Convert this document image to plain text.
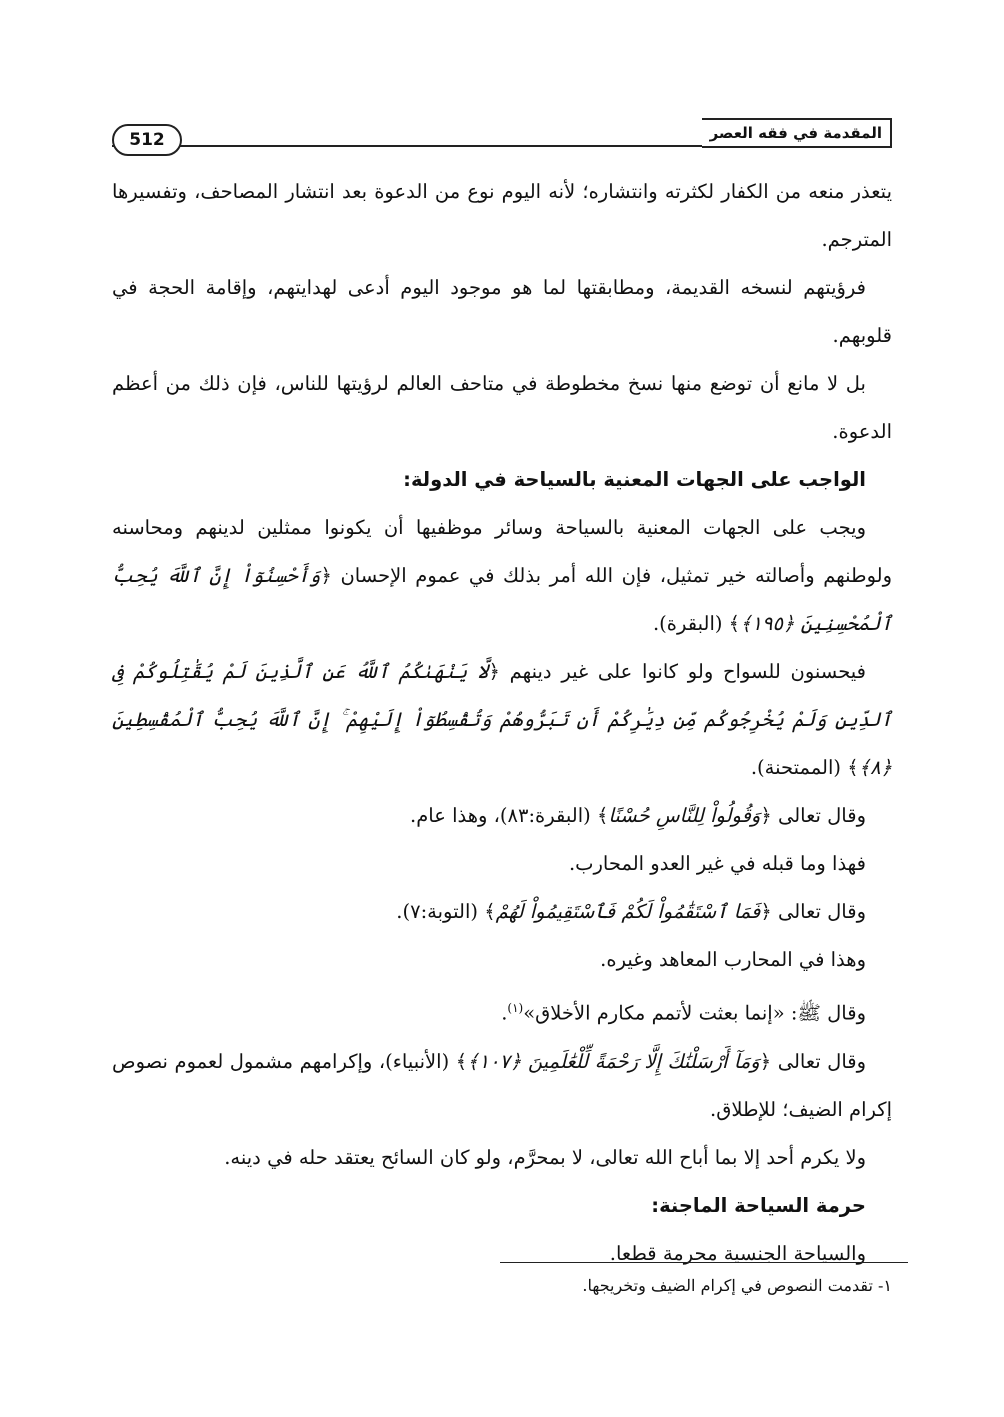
المقدمة في فقه العصر
512

يتعذر منعه من الكفار لكثرته وانتشاره؛ لأنه اليوم نوع من الدعوة بعد انتشار المصاحف، وتفسيرها المترجم.

فرؤيتهم لنسخه القديمة، ومطابقتها لما هو موجود اليوم أدعى لهدايتهم، وإقامة الحجة في قلوبهم.

بل لا مانع أن توضع منها نسخ مخطوطة في متاحف العالم لرؤيتها للناس، فإن ذلك من أعظم الدعوة.

الواجب على الجهات المعنية بالسياحة في الدولة:

ويجب على الجهات المعنية بالسياحة وسائر موظفيها أن يكونوا ممثلين لدينهم ومحاسنه ولوطنهم وأصالته خير تمثيل، فإن الله أمر بذلك في عموم الإحسان ﴿وَأَحْسِنُوٓاْ إِنَّ ٱللَّهَ يُحِبُّ ٱلْمُحْسِنِينَ ﴿١٩٥﴾﴾ (البقرة).

فيحسنون للسواح ولو كانوا على غير دينهم ﴿لَّا يَنْهَىٰكُمُ ٱللَّهُ عَنِ ٱلَّذِينَ لَمْ يُقَٰتِلُوكُمْ فِى ٱلدِّينِ وَلَمْ يُخْرِجُوكُم مِّن دِيَٰرِكُمْ أَن تَبَرُّوهُمْ وَتُقْسِطُوٓاْ إِلَيْهِمْ ۚ إِنَّ ٱللَّهَ يُحِبُّ ٱلْمُقْسِطِينَ ﴿٨﴾﴾ (الممتحنة).

وقال تعالى ﴿وَقُولُواْ لِلنَّاسِ حُسْنًا﴾ (البقرة:٨٣)، وهذا عام.

فهذا وما قبله في غير العدو المحارب.

وقال تعالى ﴿فَمَا ٱسْتَقَٰمُواْ لَكُمْ فَٱسْتَقِيمُواْ لَهُمْ﴾ (التوبة:٧).

وهذا في المحارب المعاهد وغيره.

وقال ﷺ: «إنما بعثت لأتمم مكارم الأخلاق»$^{(١)}$.

وقال تعالى ﴿وَمَآ أَرْسَلْنَٰكَ إِلَّا رَحْمَةً لِّلْعَٰلَمِينَ ﴿١٠٧﴾﴾ (الأنبياء)، وإكرامهم مشمول لعموم نصوص إكرام الضيف؛ للإطلاق.

ولا يكرم أحد إلا بما أباح الله تعالى، لا بمحرَّم، ولو كان السائح يعتقد حله في دينه.

حرمة السياحة الماجنة:

والسياحة الجنسية محرمة قطعا.

١- تقدمت النصوص في إكرام الضيف وتخريجها.
